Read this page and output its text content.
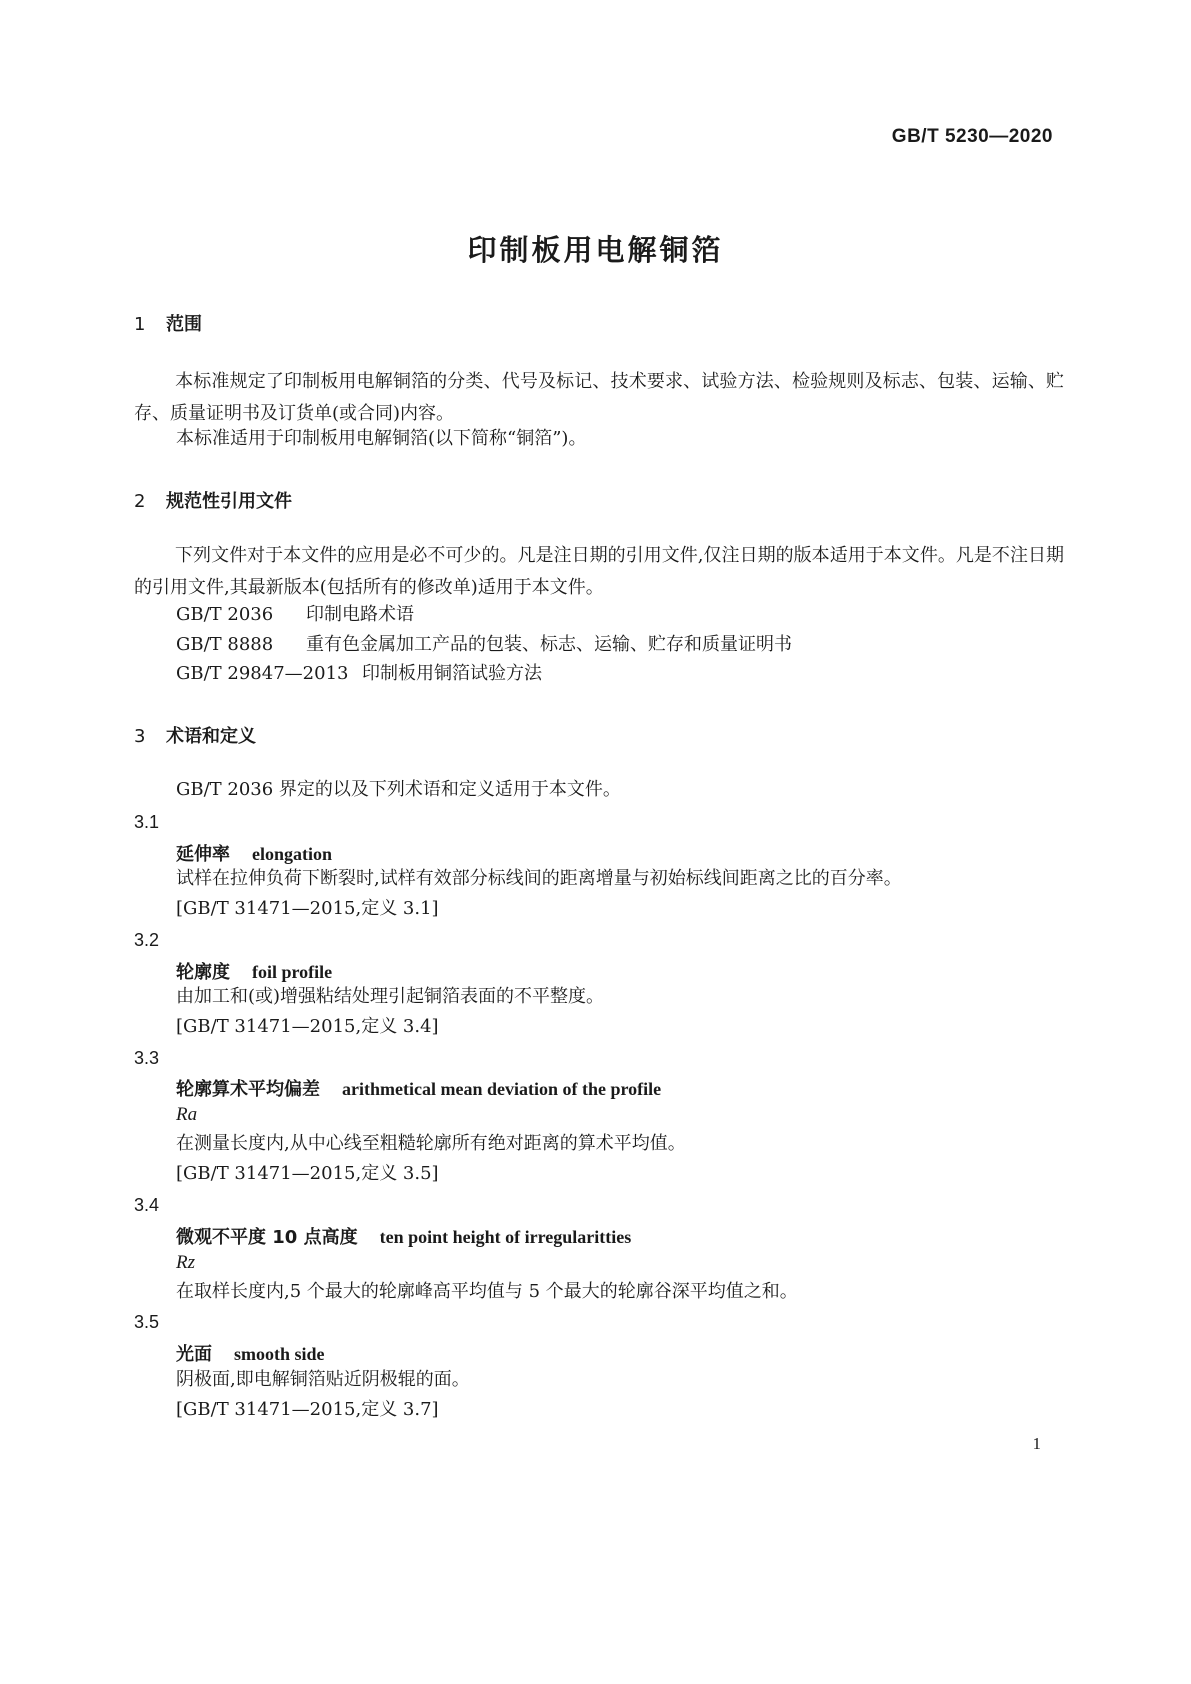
GB/T 5230—2020
印制板用电解铜箔
1 范围
本标准规定了印制板用电解铜箔的分类、代号及标记、技术要求、试验方法、检验规则及标志、包装、运输、贮存、质量证明书及订货单(或合同)内容。
本标准适用于印制板用电解铜箔(以下简称“铜箔”)。
2 规范性引用文件
下列文件对于本文件的应用是必不可少的。凡是注日期的引用文件,仅注日期的版本适用于本文件。凡是不注日期的引用文件,其最新版本(包括所有的修改单)适用于本文件。
GB/T 2036 印制电路术语
GB/T 8888 重有色金属加工产品的包装、标志、运输、贮存和质量证明书
GB/T 29847—2013 印制板用铜箔试验方法
3 术语和定义
GB/T 2036 界定的以及下列术语和定义适用于本文件。
3.1
延伸率 elongation
试样在拉伸负荷下断裂时,试样有效部分标线间的距离增量与初始标线间距离之比的百分率。
[GB/T 31471—2015,定义 3.1]
3.2
轮廓度 foil profile
由加工和(或)增强粘结处理引起铜箔表面的不平整度。
[GB/T 31471—2015,定义 3.4]
3.3
轮廓算术平均偏差 arithmetical mean deviation of the profile
Ra
在测量长度内,从中心线至粗糙轮廓所有绝对距离的算术平均值。
[GB/T 31471—2015,定义 3.5]
3.4
微观不平度 10 点高度 ten point height of irregularitties
Rz
在取样长度内,5 个最大的轮廓峰高平均值与 5 个最大的轮廓谷深平均值之和。
3.5
光面 smooth side
阴极面,即电解铜箔贴近阴极辊的面。
[GB/T 31471—2015,定义 3.7]
1
